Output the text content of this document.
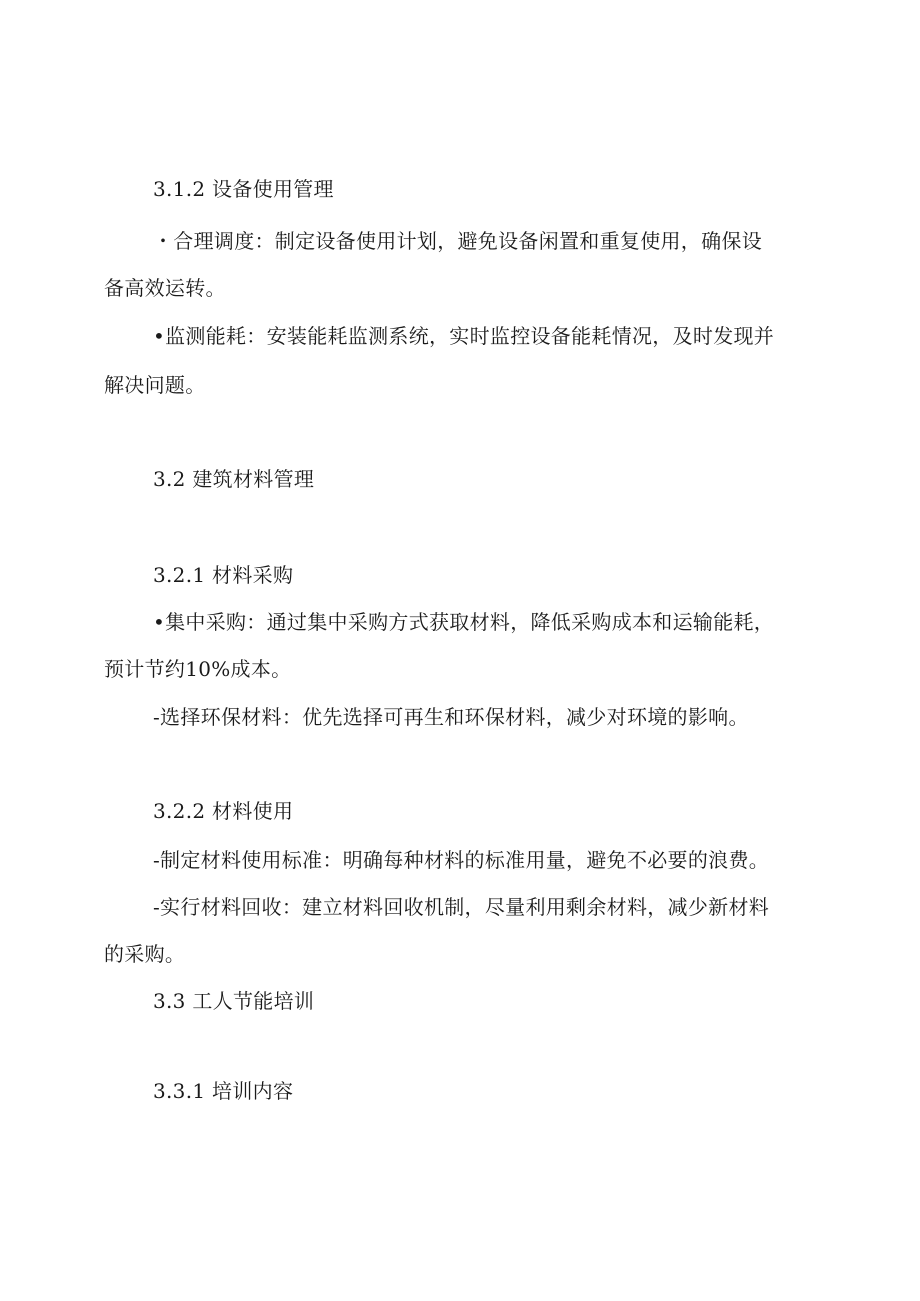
3.1.2 设备使用管理
・合理调度：制定设备使用计划，避免设备闲置和重复使用，确保设
备高效运转。
•监测能耗：安装能耗监测系统，实时监控设备能耗情况，及时发现并
解决问题。
3.2 建筑材料管理
3.2.1 材料采购
•集中采购：通过集中采购方式获取材料，降低采购成本和运输能耗，
预计节约10%成本。
-选择环保材料：优先选择可再生和环保材料，减少对环境的影响。
3.2.2 材料使用
-制定材料使用标准：明确每种材料的标准用量，避免不必要的浪费。
-实行材料回收：建立材料回收机制，尽量利用剩余材料，减少新材料
的采购。
3.3 工人节能培训
3.3.1 培训内容
